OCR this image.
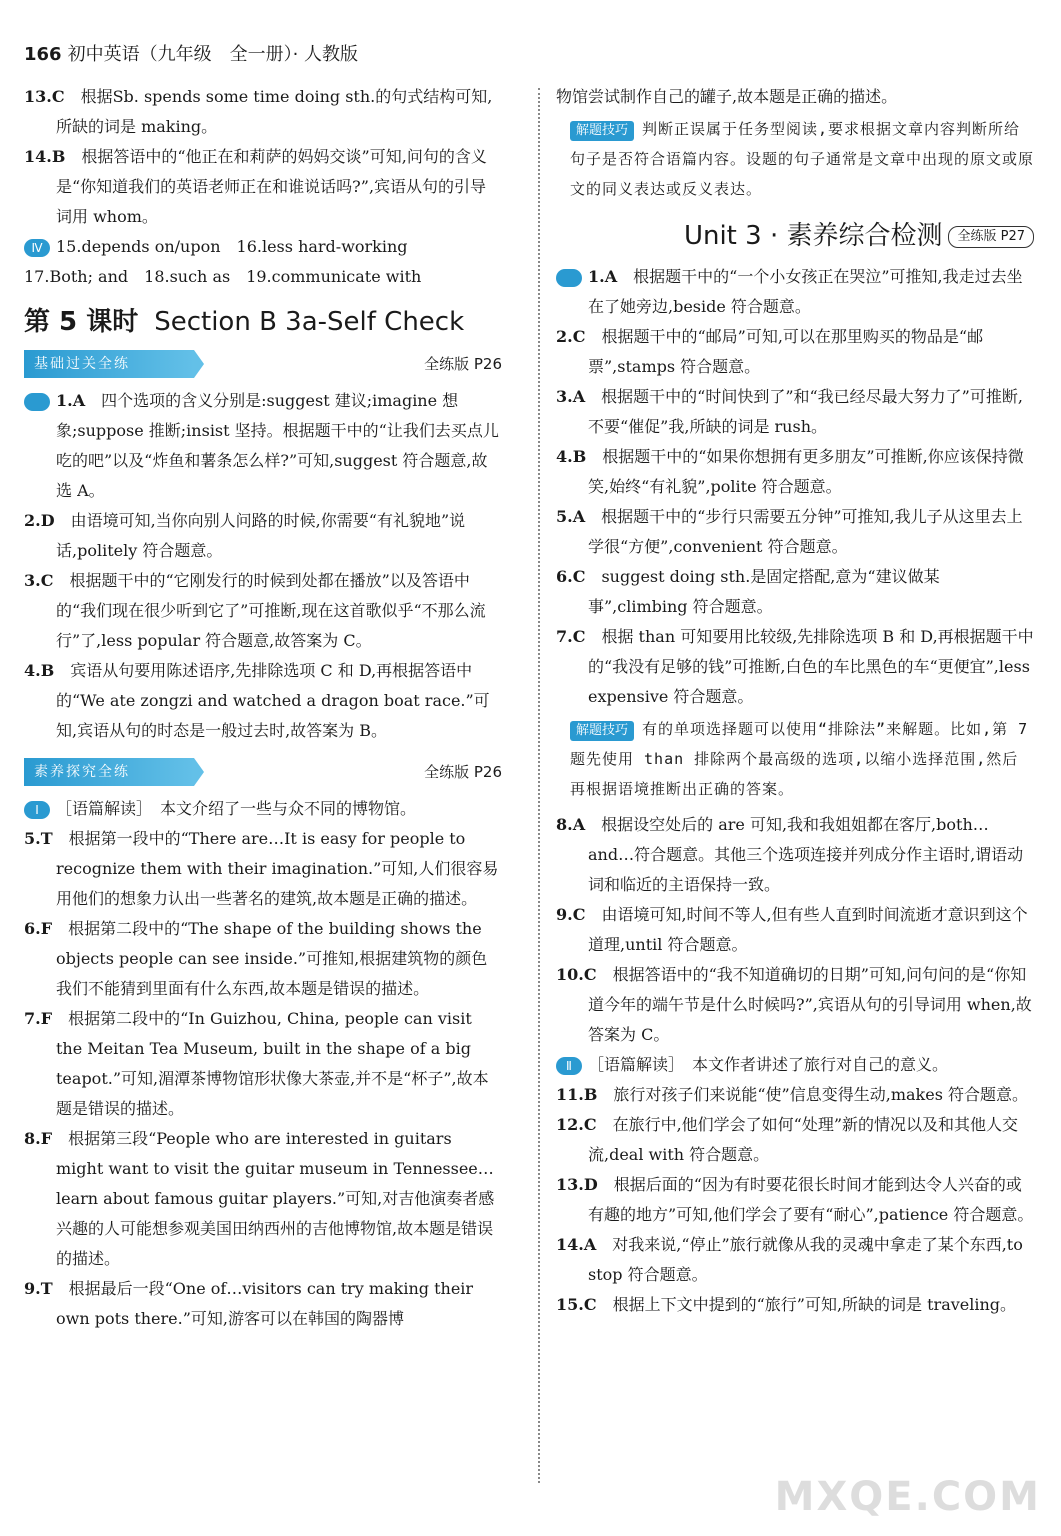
166 初中英语（九年级　全一册）· 人教版

13.C　 根据Sb. spends some time doing sth.的句式结构可知,所缺的词是 making。

14.B　 根据答语中的“他正在和莉萨的妈妈交谈”可知,问句的含义是“你知道我们的英语老师正在和谁说话吗?”,宾语从句的引导词用 whom。

Ⅳ 15.depends on/upon　16.less hard-working

17.Both; and　18.such as　19.communicate with

第 5 课时 Section B 3a-Self Check
基础过关全练	全练版 P26

Ⅰ 1.A　 四个选项的含义分别是:suggest 建议;imagine 想象;suppose 推断;insist 坚持。根据题干中的“让我们去买点儿吃的吧”以及“炸鱼和薯条怎么样?”可知,suggest 符合题意,故选 A。

2.D　 由语境可知,当你向别人问路的时候,你需要“有礼貌地”说话,politely 符合题意。

3.C　 根据题干中的“它刚发行的时候到处都在播放”以及答语中的“我们现在很少听到它了”可推断,现在这首歌似乎“不那么流行”了,less popular 符合题意,故答案为 C。

4.B　 宾语从句要用陈述语序,先排除选项 C 和 D,再根据答语中的“We ate zongzi and watched a dragon boat race.”可知,宾语从句的时态是一般过去时,故答案为 B。

素养探究全练	全练版 P26

Ⅰ ［语篇解读］　本文介绍了一些与众不同的博物馆。

5.T　 根据第一段中的“There are…It is easy for people to recognize them with their imagination.”可知,人们很容易用他们的想象力认出一些著名的建筑,故本题是正确的描述。

6.F　 根据第二段中的“The shape of the building shows the objects people can see inside.”可推知,根据建筑物的颜色我们不能猜到里面有什么东西,故本题是错误的描述。

7.F　 根据第二段中的“In Guizhou, China, people can visit the Meitan Tea Museum, built in the shape of a big teapot.”可知,湄潭茶博物馆形状像大茶壶,并不是“杯子”,故本题是错误的描述。

8.F　 根据第三段“People who are interested in guitars might want to visit the guitar museum in Tennessee…learn about famous guitar players.”可知,对吉他演奏者感兴趣的人可能想参观美国田纳西州的吉他博物馆,故本题是错误的描述。

9.T　 根据最后一段“One of…visitors can try making their own pots there.”可知,游客可以在韩国的陶器博

物馆尝试制作自己的罐子,故本题是正确的描述。

解题技巧 判断正误属于任务型阅读,要求根据文章内容判断所给句子是否符合语篇内容。设题的句子通常是文章中出现的原文或原文的同义表达或反义表达。
Unit 3 · 素养综合检测 全练版 P27

Ⅰ 1.A　 根据题干中的“一个小女孩正在哭泣”可推知,我走过去坐在了她旁边,beside 符合题意。

2.C　 根据题干中的“邮局”可知,可以在那里购买的物品是“邮票”,stamps 符合题意。

3.A　 根据题干中的“时间快到了”和“我已经尽最大努力了”可推断,不要“催促”我,所缺的词是 rush。

4.B　 根据题干中的“如果你想拥有更多朋友”可推断,你应该保持微笑,始终“有礼貌”,polite 符合题意。

5.A　 根据题干中的“步行只需要五分钟”可推知,我儿子从这里去上学很“方便”,convenient 符合题意。

6.C　 suggest doing sth.是固定搭配,意为“建议做某事”,climbing 符合题意。

7.C　 根据 than 可知要用比较级,先排除选项 B 和 D,再根据题干中的“我没有足够的钱”可推断,白色的车比黑色的车“更便宜”,less expensive 符合题意。

解题技巧 有的单项选择题可以使用“排除法”来解题。比如,第 7 题先使用 than 排除两个最高级的选项,以缩小选择范围,然后再根据语境推断出正确的答案。

8.A　 根据设空处后的 are 可知,我和我姐姐都在客厅,both…and…符合题意。其他三个选项连接并列成分作主语时,谓语动词和临近的主语保持一致。

9.C　 由语境可知,时间不等人,但有些人直到时间流逝才意识到这个道理,until 符合题意。

10.C　 根据答语中的“我不知道确切的日期”可知,问句问的是“你知道今年的端午节是什么时候吗?”,宾语从句的引导词用 when,故答案为 C。

Ⅱ ［语篇解读］　本文作者讲述了旅行对自己的意义。

11.B　 旅行对孩子们来说能“使”信息变得生动,makes 符合题意。

12.C　 在旅行中,他们学会了如何“处理”新的情况以及和其他人交流,deal with 符合题意。

13.D　 根据后面的“因为有时要花很长时间才能到达令人兴奋的或有趣的地方”可知,他们学会了要有“耐心”,patience 符合题意。

14.A　 对我来说,“停止”旅行就像从我的灵魂中拿走了某个东西,to stop 符合题意。

15.C　 根据上下文中提到的“旅行”可知,所缺的词是 traveling。

MXQE.COM
